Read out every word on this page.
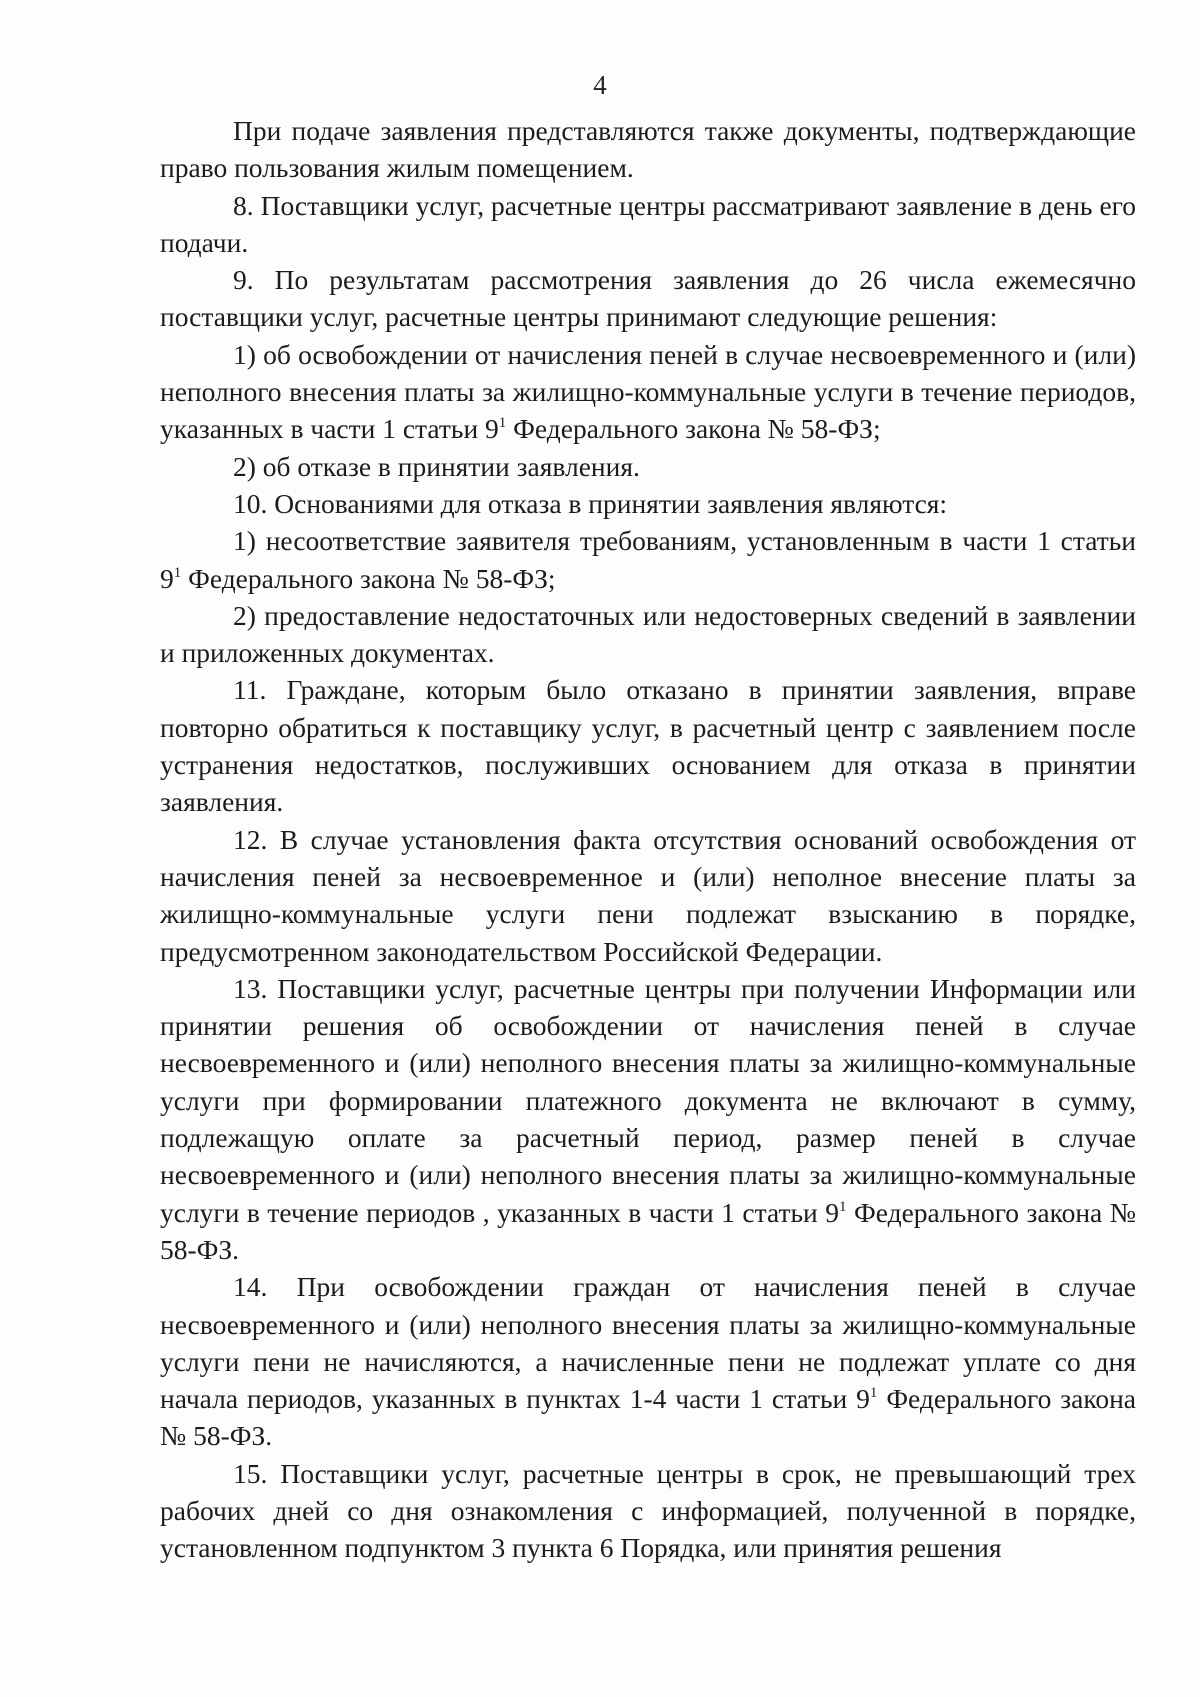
4

При подаче заявления представляются также документы, подтверждающие право пользования жилым помещением.

8. Поставщики услуг, расчетные центры рассматривают заявление в день его подачи.

9. По результатам рассмотрения заявления до 26 числа ежемесячно поставщики услуг, расчетные центры принимают следующие решения:

1) об освобождении от начисления пеней в случае несвоевременного и (или) неполного внесения платы за жилищно-коммунальные услуги в течение периодов, указанных в части 1 статьи $9^1$ Федерального закона № 58-ФЗ;

2) об отказе в принятии заявления.

10. Основаниями для отказа в принятии заявления являются:

1) несоответствие заявителя требованиям, установленным в части 1 статьи $9^1$ Федерального закона № 58-ФЗ;

2) предоставление недостаточных или недостоверных сведений в заявлении и приложенных документах.

11. Граждане, которым было отказано в принятии заявления, вправе повторно обратиться к поставщику услуг, в расчетный центр с заявлением после устранения недостатков, послуживших основанием для отказа в принятии заявления.

12. В случае установления факта отсутствия оснований освобождения от начисления пеней за несвоевременное и (или) неполное внесение платы за жилищно-коммунальные услуги пени подлежат взысканию в порядке, предусмотренном законодательством Российской Федерации.

13. Поставщики услуг, расчетные центры при получении Информации или принятии решения об освобождении от начисления пеней в случае несвоевременного и (или) неполного внесения платы за жилищно-коммунальные услуги при формировании платежного документа не включают в сумму, подлежащую оплате за расчетный период, размер пеней в случае несвоевременного и (или) неполного внесения платы за жилищно-коммунальные услуги в течение периодов , указанных в части 1 статьи $9^1$ Федерального закона № 58-ФЗ.

14. При освобождении граждан от начисления пеней в случае несвоевременного и (или) неполного внесения платы за жилищно-коммунальные услуги пени не начисляются, а начисленные пени не подлежат уплате со дня начала периодов, указанных в пунктах 1-4 части 1 статьи $9^1$ Федерального закона № 58-ФЗ.

15. Поставщики услуг, расчетные центры в срок, не превышающий трех рабочих дней со дня ознакомления с информацией, полученной в порядке, установленном подпунктом 3 пункта 6 Порядка, или принятия решения
